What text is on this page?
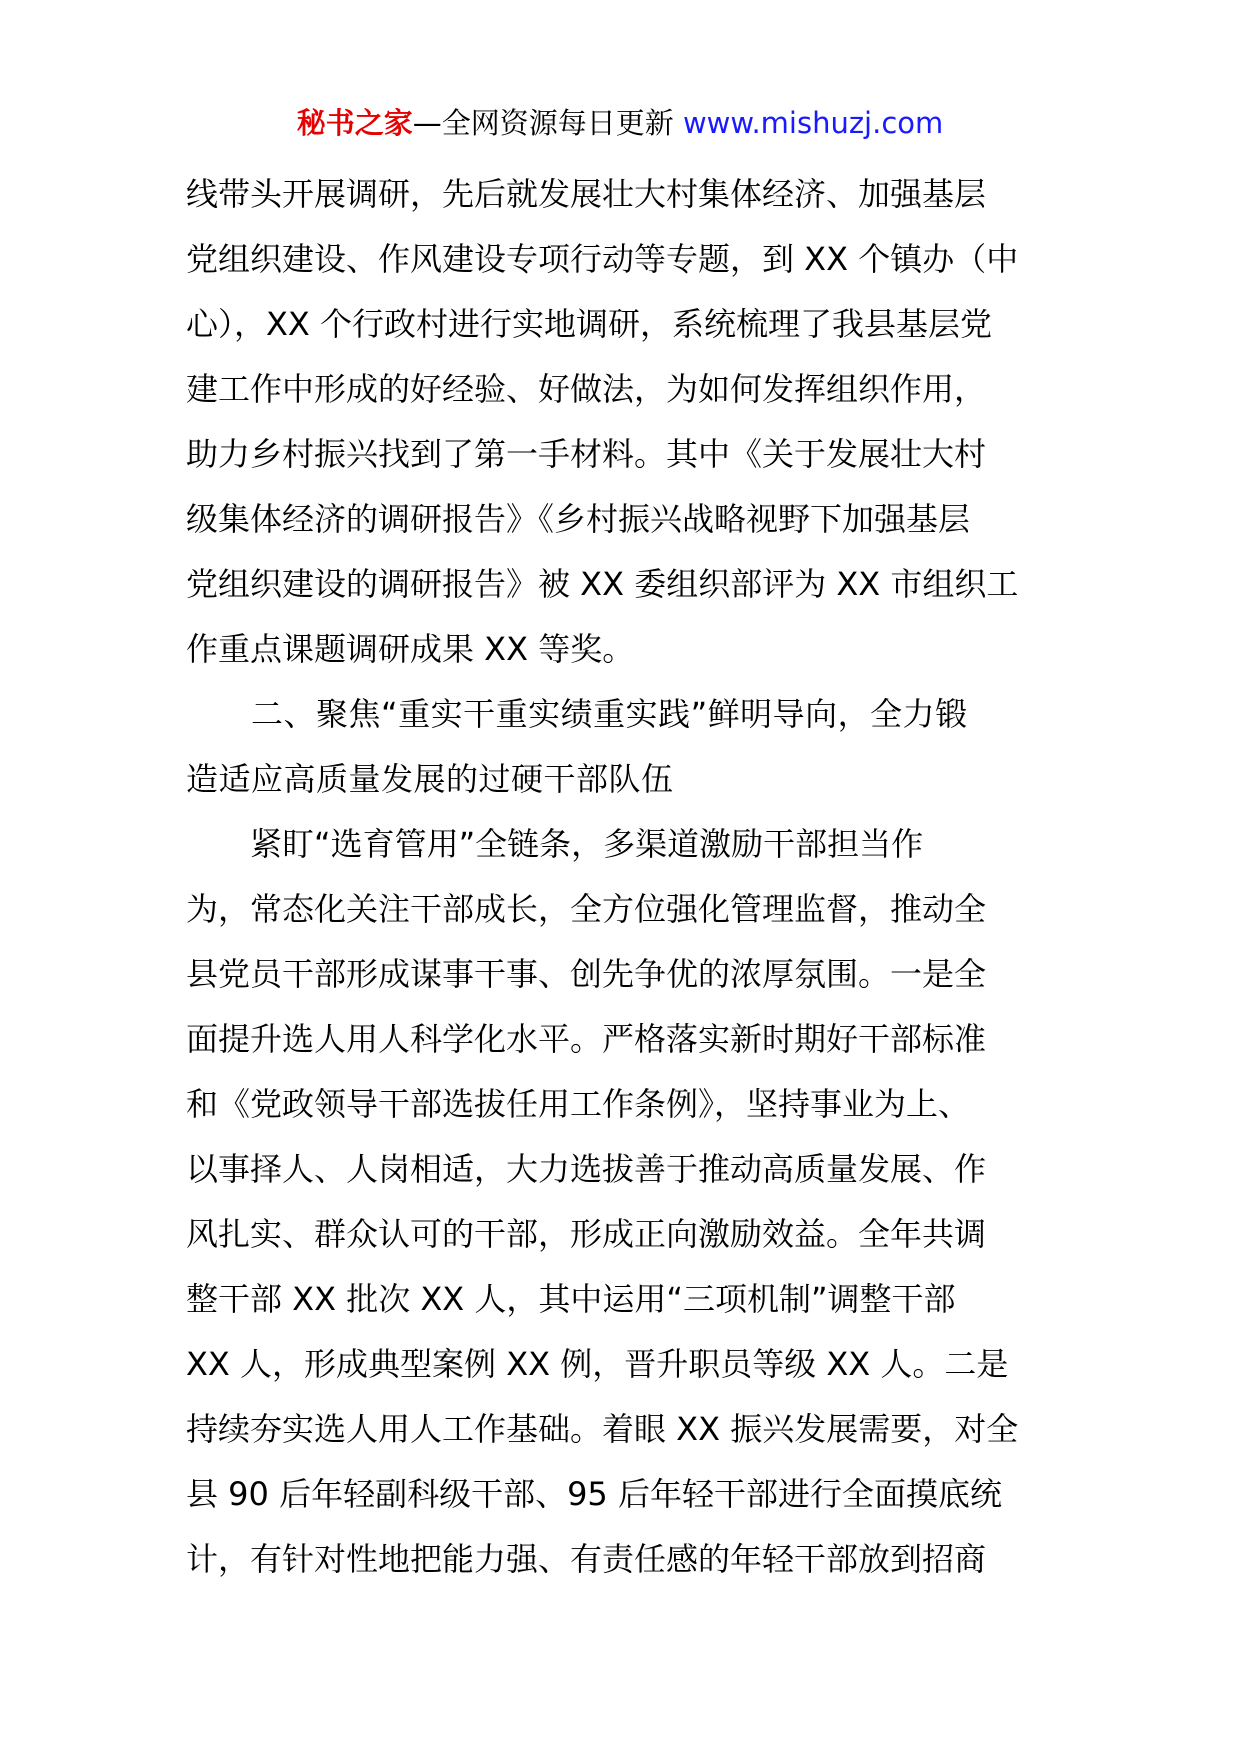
秘书之家—全网资源每日更新 www.mishuzj.com
线带头开展调研，先后就发展壮大村集体经济、加强基层
党组织建设、作风建设专项行动等专题，到 XX 个镇办（中
心），XX 个行政村进行实地调研，系统梳理了我县基层党
建工作中形成的好经验、好做法，为如何发挥组织作用，
助力乡村振兴找到了第一手材料。其中《关于发展壮大村
级集体经济的调研报告》《乡村振兴战略视野下加强基层
党组织建设的调研报告》被 XX 委组织部评为 XX 市组织工
作重点课题调研成果 XX 等奖。
　　二、聚焦“重实干重实绩重实践”鲜明导向，全力锻
造适应高质量发展的过硬干部队伍
　　紧盯“选育管用”全链条，多渠道激励干部担当作
为，常态化关注干部成长，全方位强化管理监督，推动全
县党员干部形成谋事干事、创先争优的浓厚氛围。一是全
面提升选人用人科学化水平。严格落实新时期好干部标准
和《党政领导干部选拔任用工作条例》，坚持事业为上、
以事择人、人岗相适，大力选拔善于推动高质量发展、作
风扎实、群众认可的干部，形成正向激励效益。全年共调
整干部 XX 批次 XX 人，其中运用“三项机制”调整干部
XX 人，形成典型案例 XX 例，晋升职员等级 XX 人。二是
持续夯实选人用人工作基础。着眼 XX 振兴发展需要，对全
县 90 后年轻副科级干部、95 后年轻干部进行全面摸底统
计，有针对性地把能力强、有责任感的年轻干部放到招商
